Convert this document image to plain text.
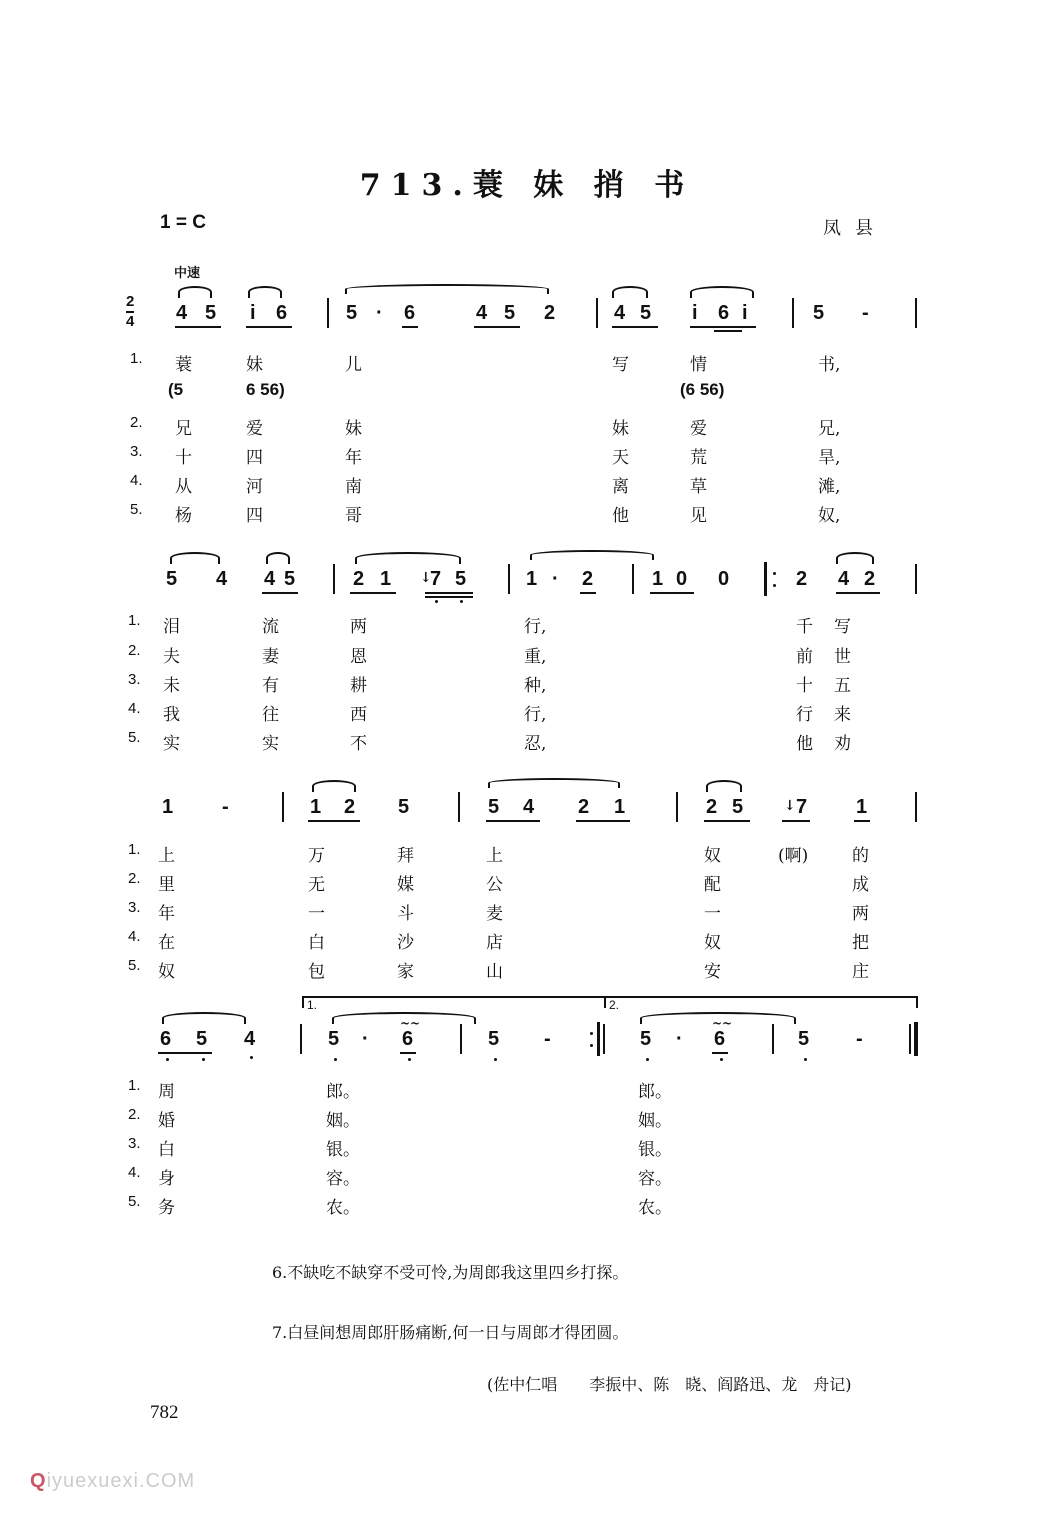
713.蓑 妹 捎 书
1 = C	凤县
中速
2
4 4 5 i 6	5 · 6	4 5 2	4 5 i 6 i	5 -
1. 蓑	妹	儿	写	情	书,
(5	6 56)	(6 56)
2. 兄	爱	妹	妹	爱	兄,
3. 十	四	年	天	荒	旱,
4. 从	河	南	离	草	滩,
5. 杨	四	哥	他	见	奴,
5 4 4 5	2 1 7 5
↓	1 · 2	1 0 0	2 4 2
1. 泪	流	两	行,	千 写
2. 夫	妻	恩	重,	前 世
3. 未	有	耕	种,	十 五
4. 我	往	西	行,	行 来
5. 实	实	不	忍,	他 劝
1 -	1 2 5	5 4 2 1	2 5	↓ 7 1
1. 上	万	拜	上	奴	(啊)	的
2. 里	无	媒	公	配	成
3. 年	一	斗	麦	一	两
4. 在	白	沙	店	奴	把
5. 奴	包	家	山	安	庄
1.	2.
6 5 4	5 · 6
~~
5 -	5 · 6
~~
5 -
1. 周	郎。	郎。
2. 婚	姻。	姻。
3. 白	银。	银。
4. 身	容。	容。
5. 务	农。	农。
6.不缺吃不缺穿不受可怜,为周郎我这里四乡打探。
7.白昼间想周郎肝肠痛断,何一日与周郎才得团圆。
(佐中仁唱　　李振中、陈　晓、阎路迅、龙　舟记)
782
Qiyuexuexi.COM
